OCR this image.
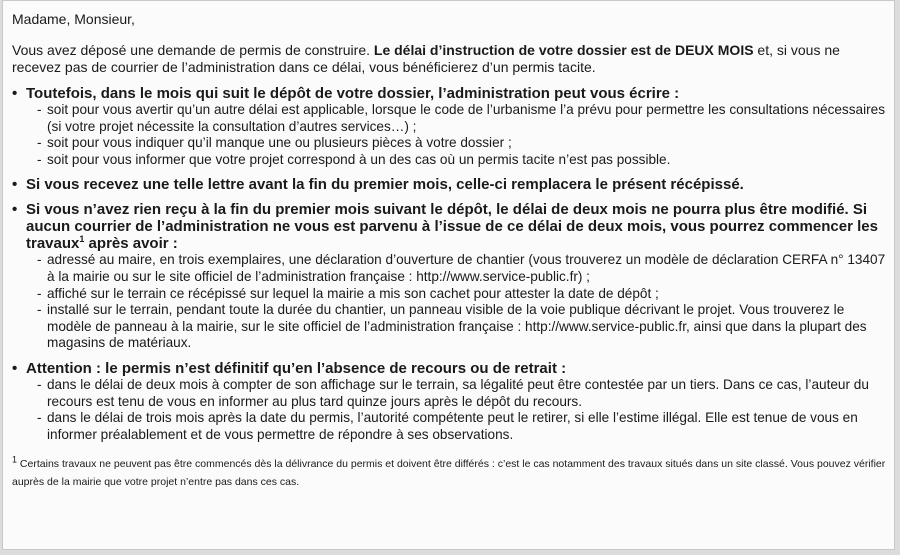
Madame, Monsieur,

Vous avez déposé une demande de permis de construire. Le délai d’instruction de votre dossier est de DEUX MOIS et, si vous ne recevez pas de courrier de l’administration dans ce délai, vous bénéficierez d’un permis tacite.

• Toutefois, dans le mois qui suit le dépôt de votre dossier, l’administration peut vous écrire :
- soit pour vous avertir qu’un autre délai est applicable, lorsque le code de l’urbanisme l’a prévu pour permettre les consultations nécessaires (si votre projet nécessite la consultation d’autres services…) ;
- soit pour vous indiquer qu’il manque une ou plusieurs pièces à votre dossier ;
- soit pour vous informer que votre projet correspond à un des cas où un permis tacite n’est pas possible.
• Si vous recevez une telle lettre avant la fin du premier mois, celle-ci remplacera le présent récépissé.
• Si vous n’avez rien reçu à la fin du premier mois suivant le dépôt, le délai de deux mois ne pourra plus être modifié. Si aucun courrier de l’administration ne vous est parvenu à l’issue de ce délai de deux mois, vous pourrez commencer les travaux$^1$ après avoir :
- adressé au maire, en trois exemplaires, une déclaration d’ouverture de chantier (vous trouverez un modèle de déclaration CERFA n° 13407 à la mairie ou sur le site officiel de l’administration française : http://www.service-public.fr) ;
- affiché sur le terrain ce récépissé sur lequel la mairie a mis son cachet pour attester la date de dépôt ;
- installé sur le terrain, pendant toute la durée du chantier, un panneau visible de la voie publique décrivant le projet. Vous trouverez le modèle de panneau à la mairie, sur le site officiel de l’administration française : http://www.service-public.fr, ainsi que dans la plupart des magasins de matériaux.
• Attention : le permis n’est définitif qu’en l’absence de recours ou de retrait :
- dans le délai de deux mois à compter de son affichage sur le terrain, sa légalité peut être contestée par un tiers. Dans ce cas, l’auteur du recours est tenu de vous en informer au plus tard quinze jours après le dépôt du recours.
- dans le délai de trois mois après la date du permis, l’autorité compétente peut le retirer, si elle l’estime illégal. Elle est tenue de vous en informer préalablement et de vous permettre de répondre à ses observations.
$^1$ Certains travaux ne peuvent pas être commencés dès la délivrance du permis et doivent être différés : c’est le cas notamment des travaux situés dans un site classé. Vous pouvez vérifier auprès de la mairie que votre projet n’entre pas dans ces cas.
